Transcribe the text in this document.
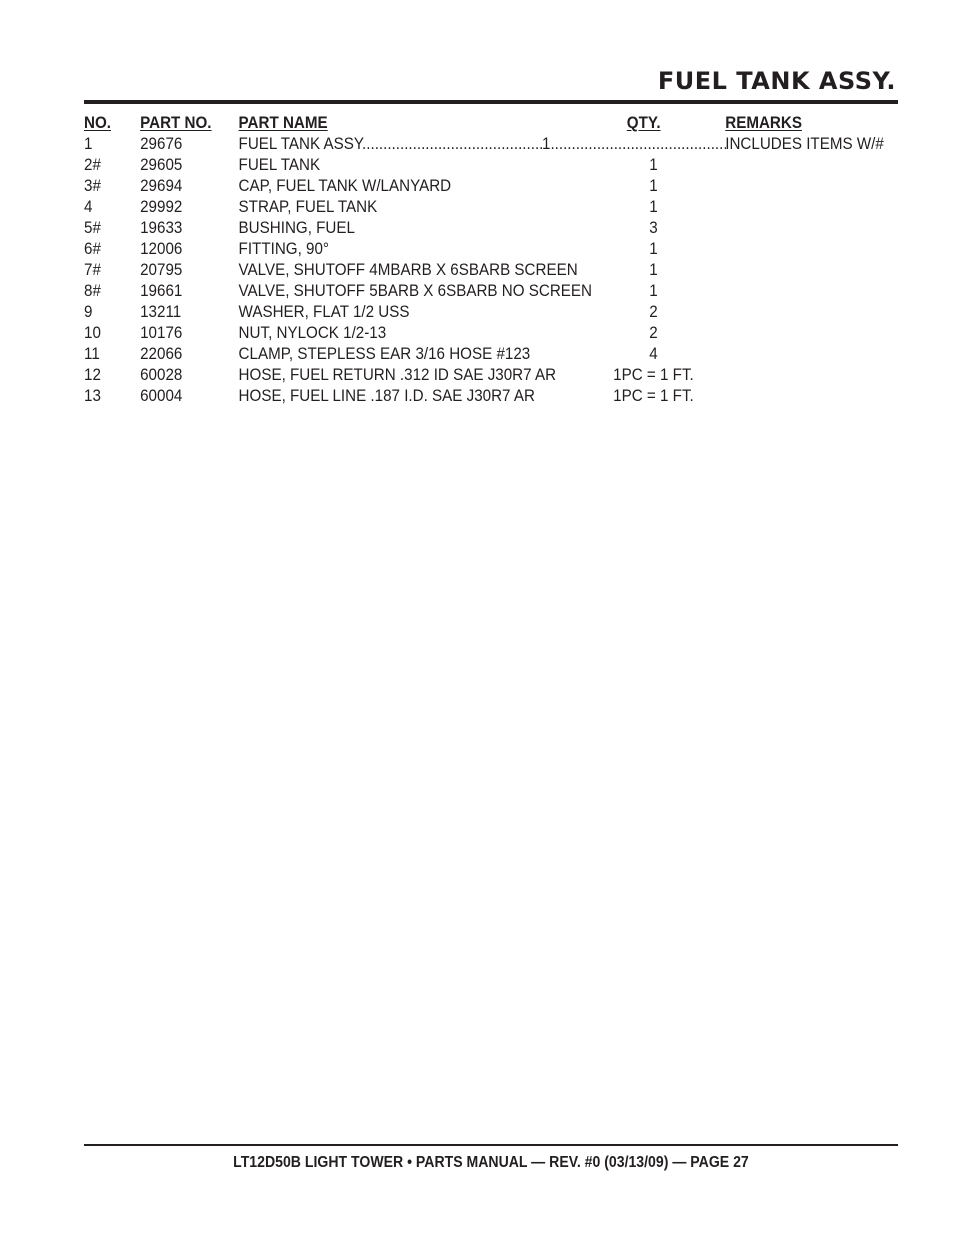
FUEL TANK ASSY.
NO. PART NO. PART NAME	QTY.	REMARKS
1	29676	FUEL TANK ASSY. .....	1 .....	INCLUDES ITEMS W/#
2# 29605	FUEL TANK	1
3# 29694	CAP, FUEL TANK W/LANYARD	1
4	29992	STRAP, FUEL TANK	1
5# 19633	BUSHING, FUEL	3
6# 12006	FITTING, 90°	1
7# 20795	VALVE, SHUTOFF 4MBARB X 6SBARB SCREEN	1
8# 19661	VALVE, SHUTOFF 5BARB X 6SBARB NO SCREEN	1
9	13211	WASHER, FLAT 1/2 USS	2
10 10176	NUT, NYLOCK 1/2-13	2
11 22066	CLAMP, STEPLESS EAR 3/16 HOSE #123	4
12 60028	HOSE, FUEL RETURN .312 ID SAE J30R7 AR	1PC = 1 FT.
13 60004	HOSE, FUEL LINE .187 I.D. SAE J30R7 AR	1PC = 1 FT.
LT12D50B LIGHT TOWER • PARTS MANUAL — REV. #0 (03/13/09) — PAGE 27
